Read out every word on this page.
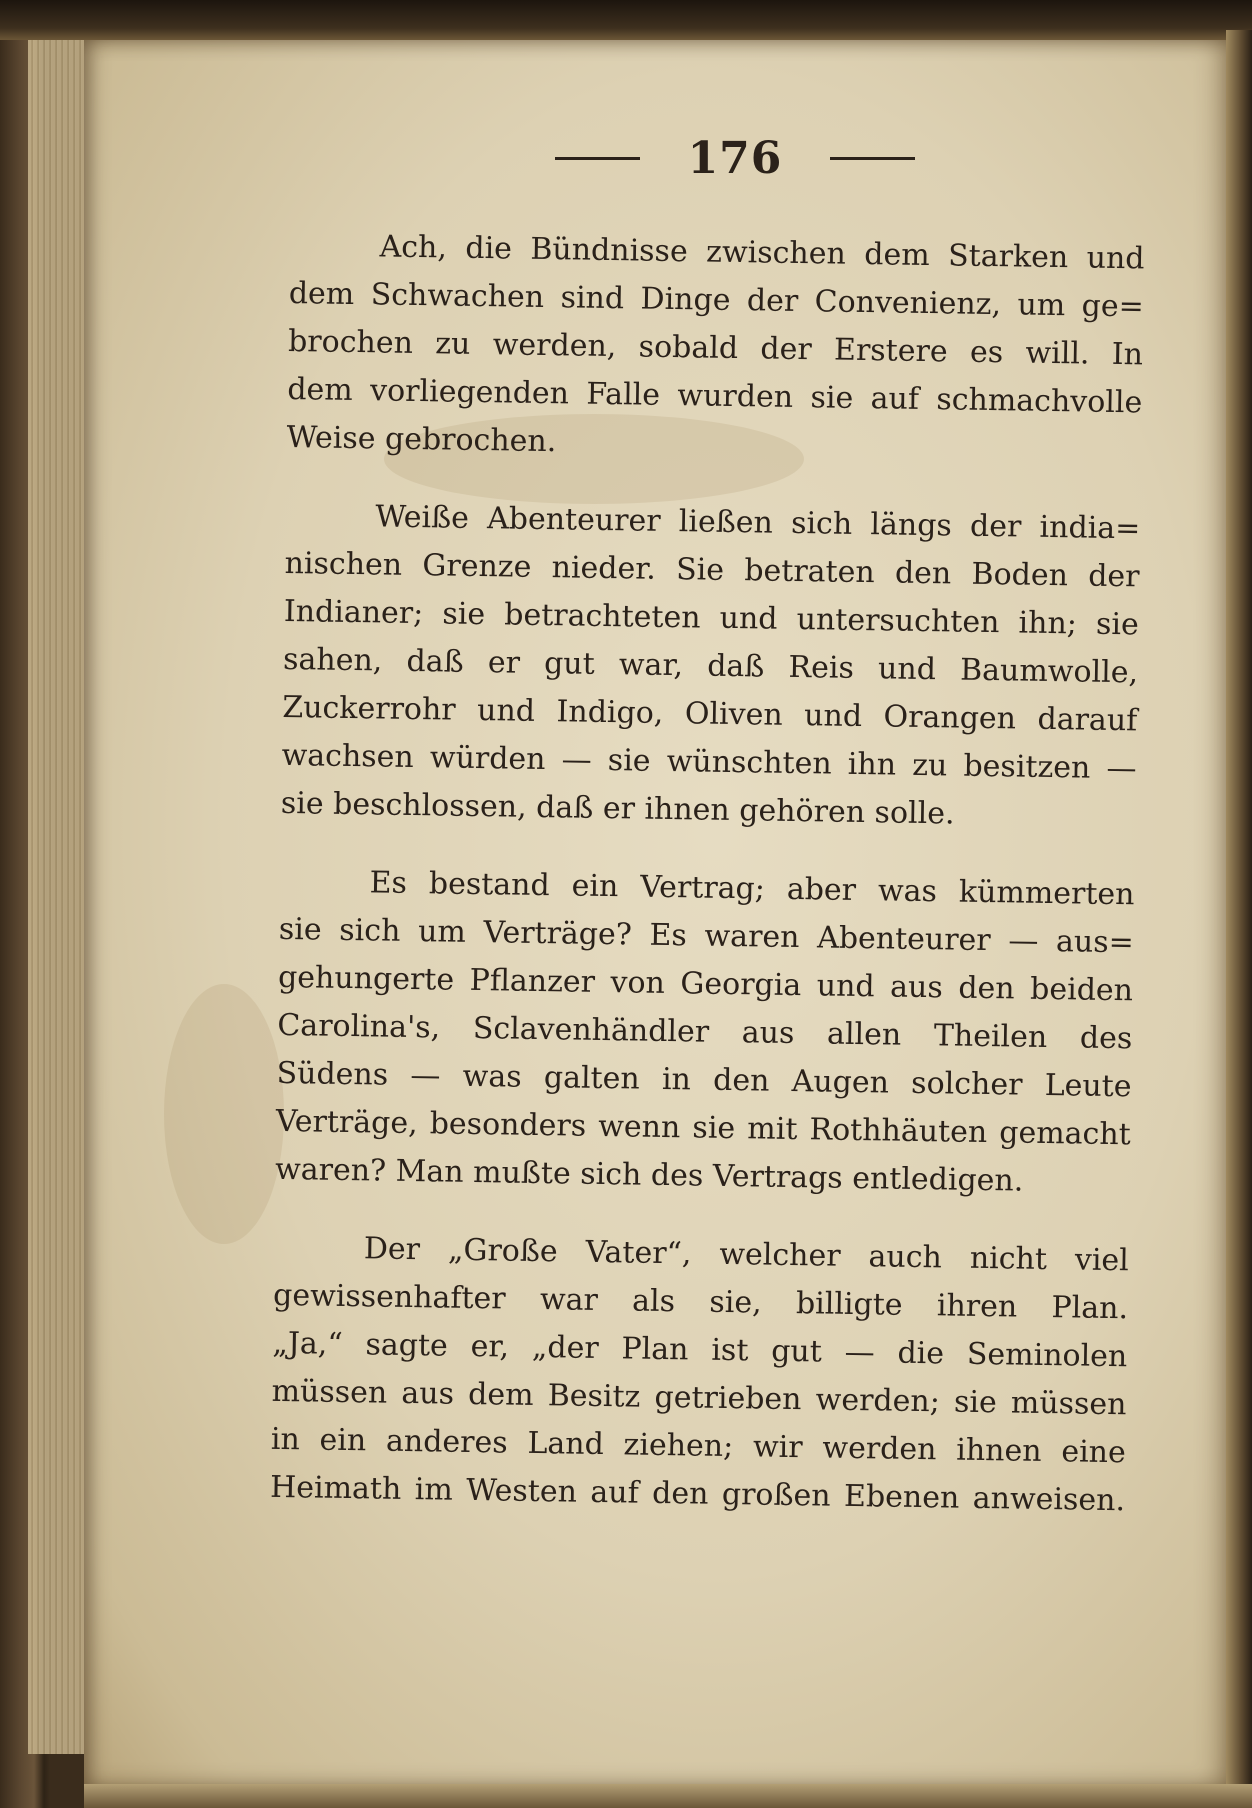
176
Ach, die Bündnisse zwischen dem Starken und
dem Schwachen sind Dinge der Convenienz, um ge=
brochen zu werden, sobald der Erstere es will. In
dem vorliegenden Falle wurden sie auf schmachvolle
Weise gebrochen.
Weiße Abenteurer ließen sich längs der india=
nischen Grenze nieder. Sie betraten den Boden der
Indianer; sie betrachteten und untersuchten ihn; sie
sahen, daß er gut war, daß Reis und Baumwolle,
Zuckerrohr und Indigo, Oliven und Orangen darauf
wachsen würden — sie wünschten ihn zu besitzen —
sie beschlossen, daß er ihnen gehören solle.
Es bestand ein Vertrag; aber was kümmerten
sie sich um Verträge? Es waren Abenteurer — aus=
gehungerte Pflanzer von Georgia und aus den beiden
Carolina's, Sclavenhändler aus allen Theilen des
Südens — was galten in den Augen solcher Leute
Verträge, besonders wenn sie mit Rothhäuten gemacht
waren? Man mußte sich des Vertrags entledigen.
Der „Große Vater“, welcher auch nicht viel
gewissenhafter war als sie, billigte ihren Plan.
„Ja,“ sagte er, „der Plan ist gut — die Seminolen
müssen aus dem Besitz getrieben werden; sie müssen
in ein anderes Land ziehen; wir werden ihnen eine
Heimath im Westen auf den großen Ebenen anweisen.
